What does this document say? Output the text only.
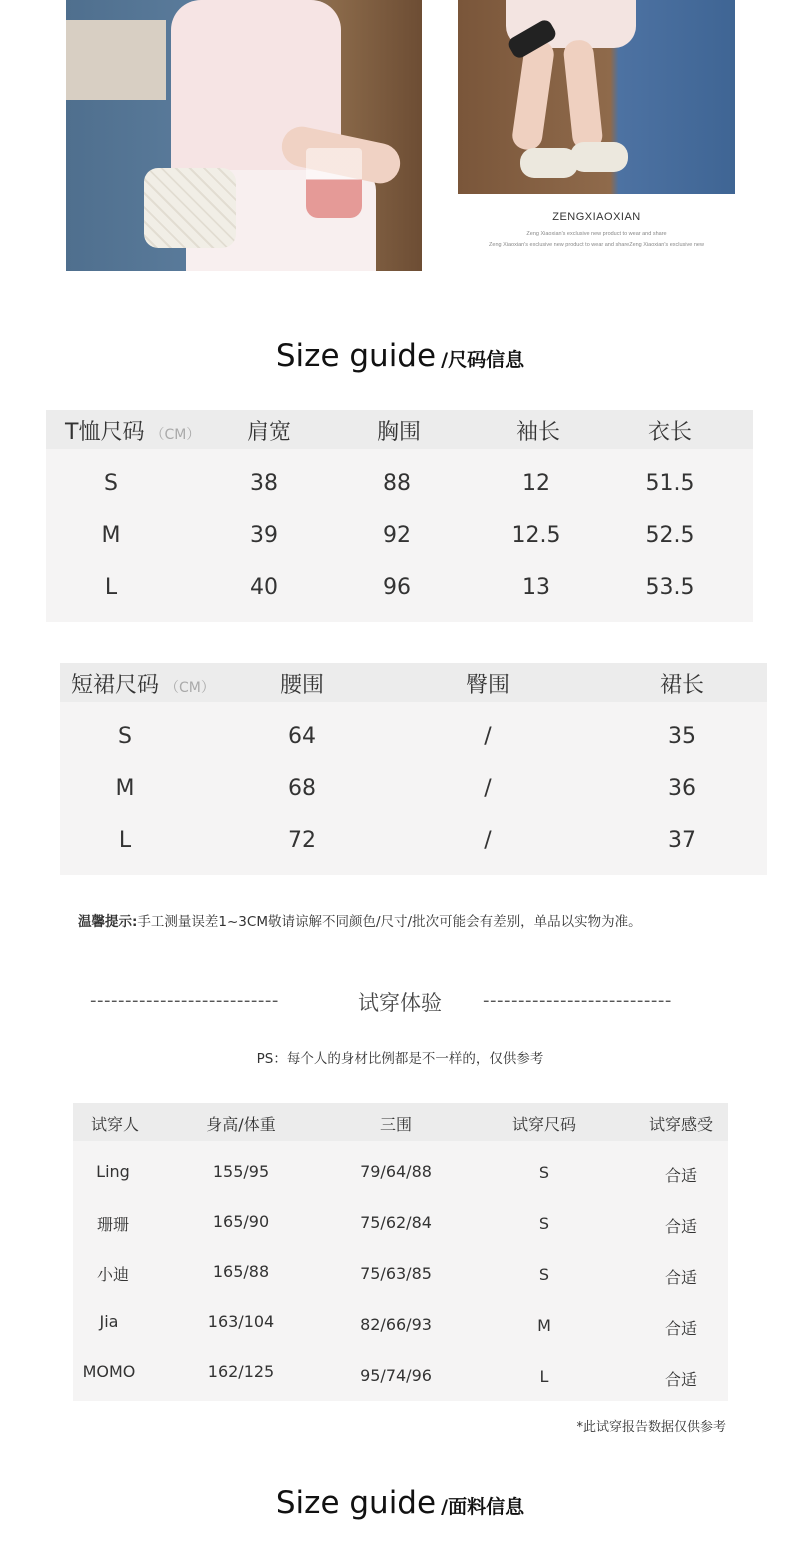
ZENGXIAOXIAN
Zeng Xiaoxian's exclusive new product to wear and share
Zeng Xiaoxian's exclusive new product to wear and shareZeng Xiaoxian's exclusive new
Size guide /尺码信息
T恤尺码 （CM） 肩宽	胸围	袖长	衣长
S	38	88	12	51.5
M	39	92	12.5	52.5
L	40	96	13	53.5
短裙尺码 （CM）	腰围	臀围	裙长
S	64	/	35
M	68	/	36
L	72	/	37
温馨提示:手工测量误差1~3CM敬请谅解不同颜色/尺寸/批次可能会有差别，单品以实物为准。
---------------------------	试穿体验	---------------------------
PS：每个人的身材比例都是不一样的，仅供参考
试穿人	身高/体重	三围	试穿尺码	试穿感受
Ling	155/95	79/64/88	S	合适
珊珊	165/90	75/62/84	S	合适
小迪	165/88	75/63/85	S	合适
Jia	163/104	82/66/93	M	合适
MOMO	162/125	95/74/96	L	合适
*此试穿报告数据仅供参考
Size guide /面料信息
